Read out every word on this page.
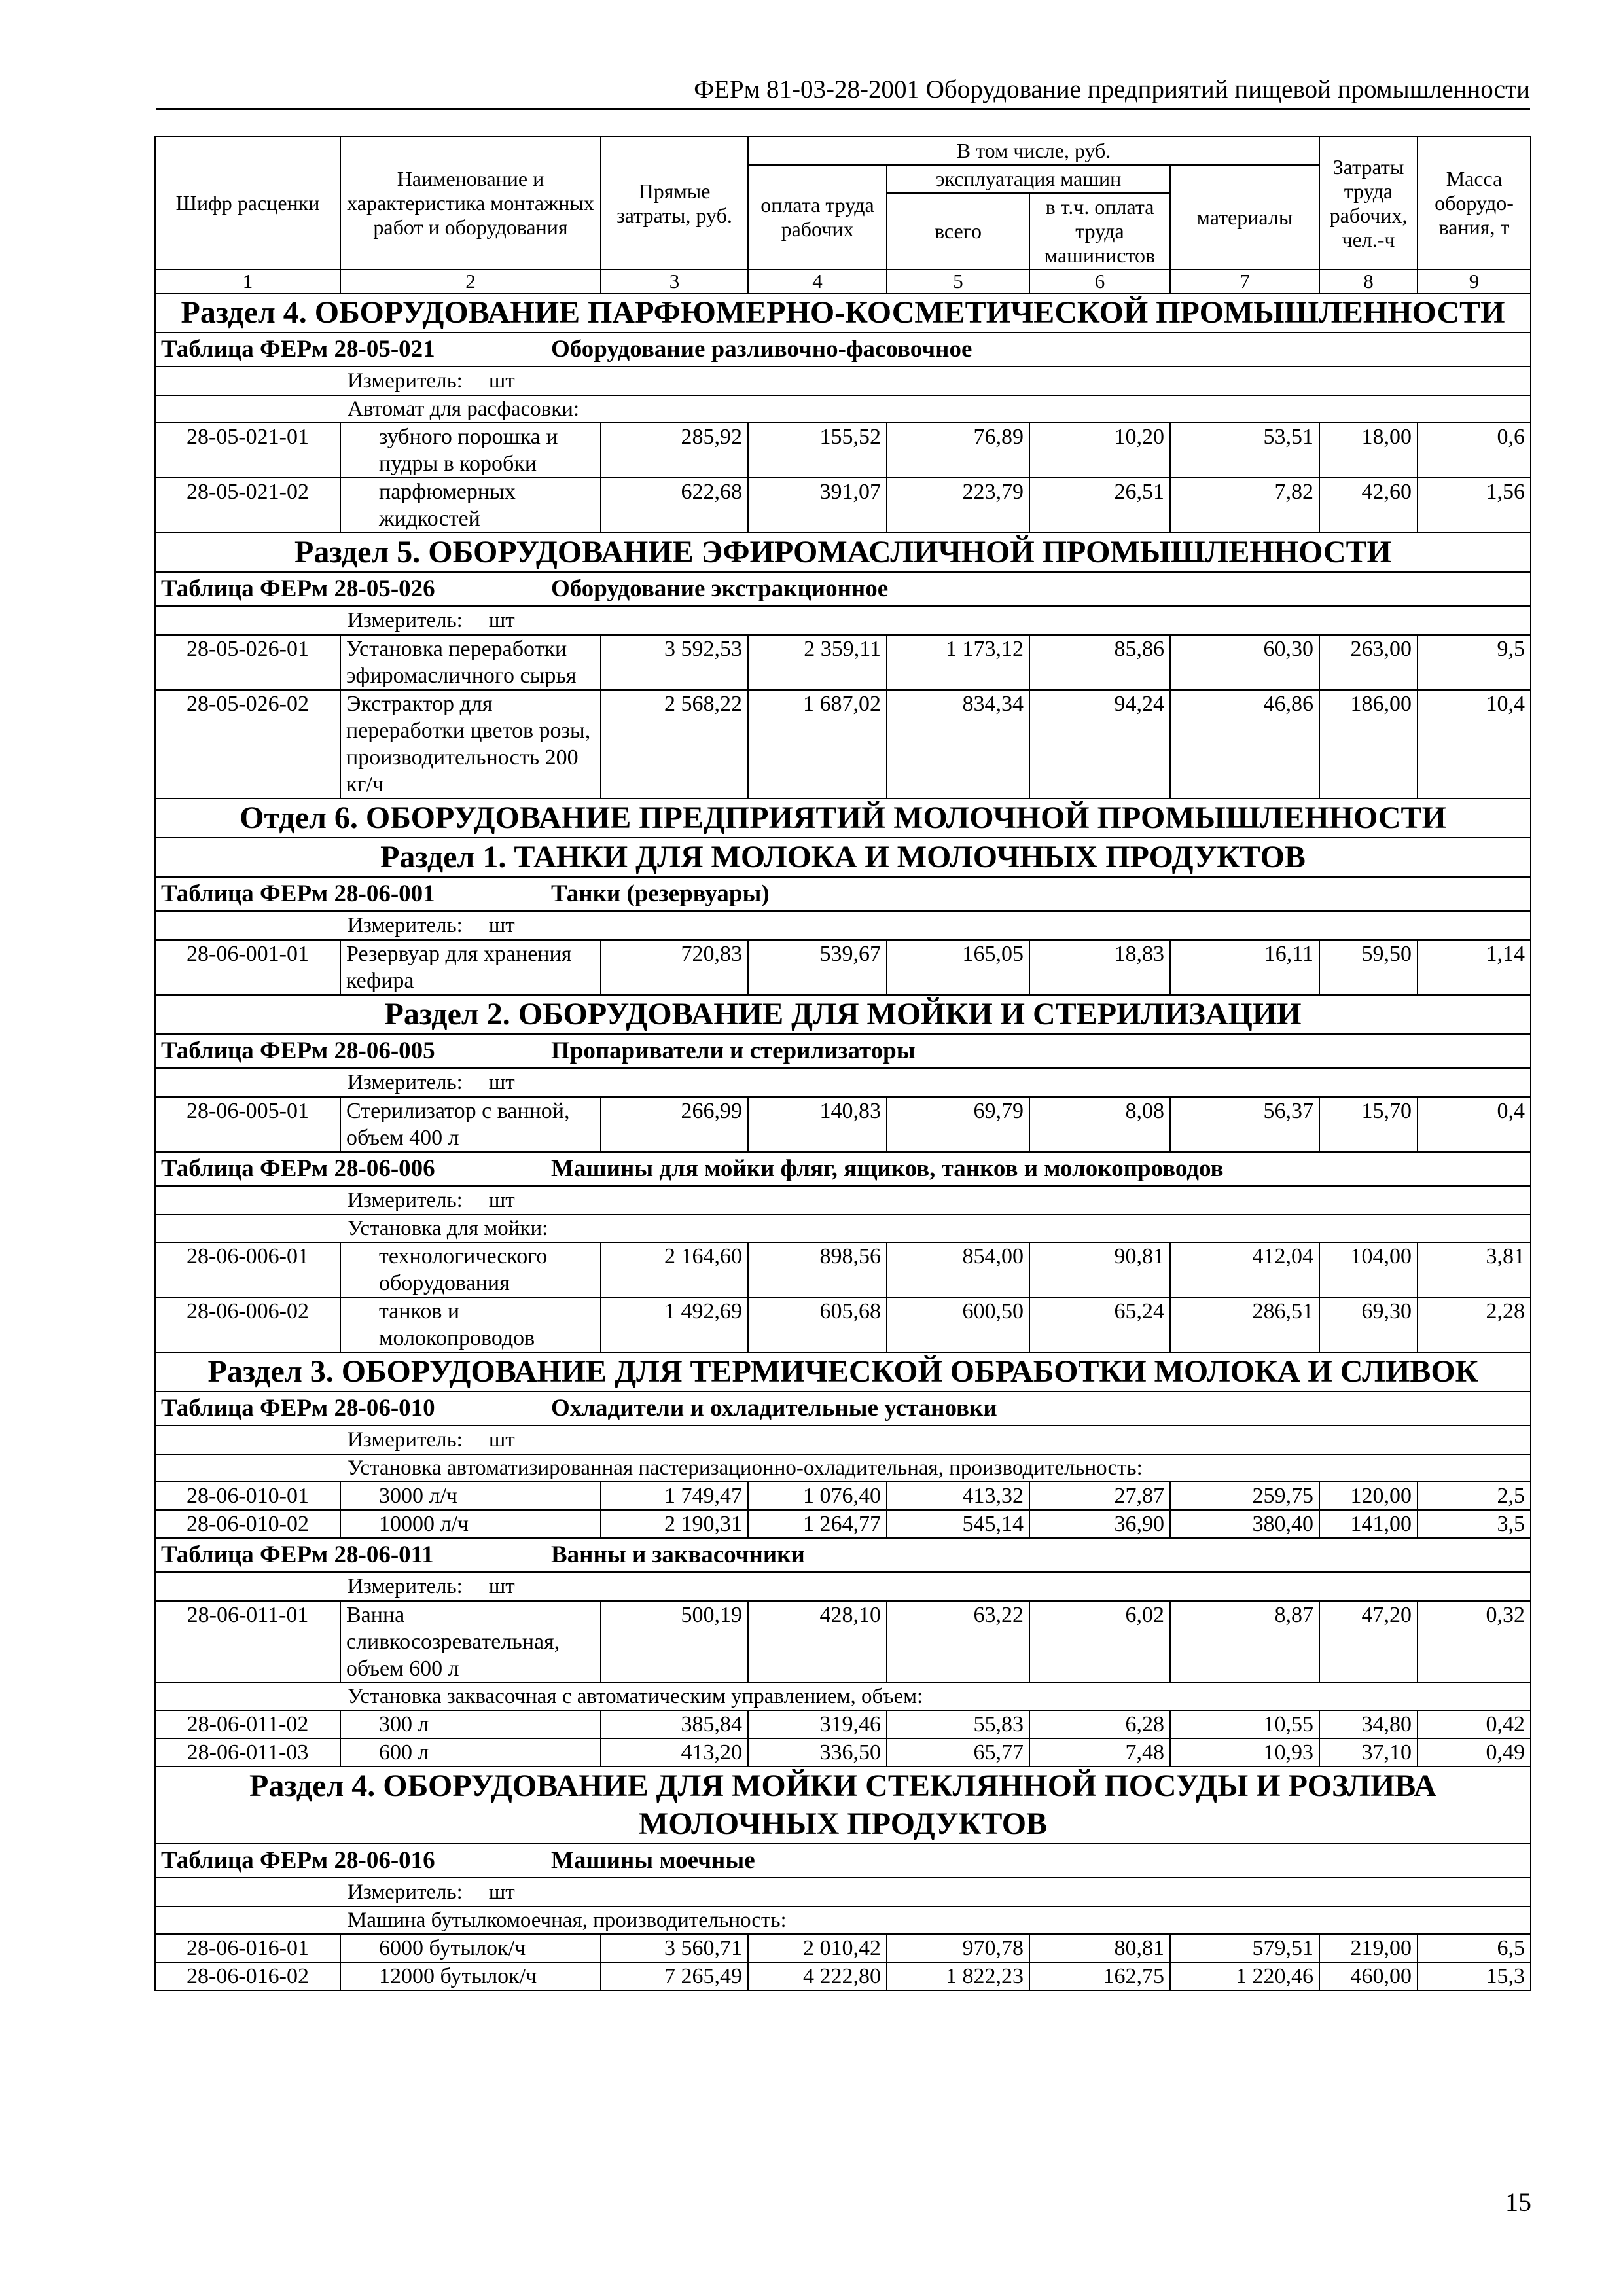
ФЕРм 81-03-28-2001 Оборудование предприятий пищевой промышленности
Шифр расценки	Наименование и характеристика монтажных работ и оборудования	Прямые затраты, руб.	В том числе, руб.				Затраты труда рабочих, чел.-ч	Масса оборудо-вания, т
			оплата труда рабочих	эксплуатация машин		материалы		
				всего	в т.ч. оплата труда машинистов			
1	2	3	4	5	6	7	8	9
Раздел 4. ОБОРУДОВАНИЕ ПАРФЮМЕРНО-КОСМЕТИЧЕСКОЙ ПРОМЫШЛЕННОСТИ								
Таблица ФЕРм 28-05-021 Оборудование разливочно-фасовочное								
Измеритель: шт								
Автомат для расфасовки:								
28-05-021-01	зубного порошка и пудры в коробки	285,92	155,52	76,89	10,20	53,51	18,00	0,6
28-05-021-02	парфюмерных жидкостей	622,68	391,07	223,79	26,51	7,82	42,60	1,56
Раздел 5. ОБОРУДОВАНИЕ ЭФИРОМАСЛИЧНОЙ ПРОМЫШЛЕННОСТИ								
Таблица ФЕРм 28-05-026 Оборудование экстракционное								
Измеритель: шт								
28-05-026-01	Установка переработки эфиромасличного сырья	3 592,53	2 359,11	1 173,12	85,86	60,30	263,00	9,5
28-05-026-02	Экстрактор для переработки цветов розы, производительность 200 кг/ч	2 568,22	1 687,02	834,34	94,24	46,86	186,00	10,4
Отдел 6. ОБОРУДОВАНИЕ ПРЕДПРИЯТИЙ МОЛОЧНОЙ ПРОМЫШЛЕННОСТИ								
Раздел 1. ТАНКИ ДЛЯ МОЛОКА И МОЛОЧНЫХ ПРОДУКТОВ								
Таблица ФЕРм 28-06-001 Танки (резервуары)								
Измеритель: шт								
28-06-001-01	Резервуар для хранения кефира	720,83	539,67	165,05	18,83	16,11	59,50	1,14
Раздел 2. ОБОРУДОВАНИЕ ДЛЯ МОЙКИ И СТЕРИЛИЗАЦИИ								
Таблица ФЕРм 28-06-005 Пропариватели и стерилизаторы								
Измеритель: шт								
28-06-005-01	Стерилизатор с ванной, объем 400 л	266,99	140,83	69,79	8,08	56,37	15,70	0,4
Таблица ФЕРм 28-06-006 Машины для мойки фляг, ящиков, танков и молокопроводов								
Измеритель: шт								
Установка для мойки:								
28-06-006-01	технологического оборудования	2 164,60	898,56	854,00	90,81	412,04	104,00	3,81
28-06-006-02	танков и молокопроводов	1 492,69	605,68	600,50	65,24	286,51	69,30	2,28
Раздел 3. ОБОРУДОВАНИЕ ДЛЯ ТЕРМИЧЕСКОЙ ОБРАБОТКИ МОЛОКА И СЛИВОК								
Таблица ФЕРм 28-06-010 Охладители и охладительные установки								
Измеритель: шт								
Установка автоматизированная пастеризационно-охладительная, производительность:								
28-06-010-01	3000 л/ч	1 749,47	1 076,40	413,32	27,87	259,75	120,00	2,5
28-06-010-02	10000 л/ч	2 190,31	1 264,77	545,14	36,90	380,40	141,00	3,5
Таблица ФЕРм 28-06-011 Ванны и заквасочники								
Измеритель: шт								
28-06-011-01	Ванна сливкосозревательная, объем 600 л	500,19	428,10	63,22	6,02	8,87	47,20	0,32
Установка заквасочная с автоматическим управлением, объем:								
28-06-011-02	300 л	385,84	319,46	55,83	6,28	10,55	34,80	0,42
28-06-011-03	600 л	413,20	336,50	65,77	7,48	10,93	37,10	0,49
Раздел 4. ОБОРУДОВАНИЕ ДЛЯ МОЙКИ СТЕКЛЯННОЙ ПОСУДЫ И РОЗЛИВА МОЛОЧНЫХ ПРОДУКТОВ								
Таблица ФЕРм 28-06-016 Машины моечные								
Измеритель: шт								
Машина бутылкомоечная, производительность:								
28-06-016-01	6000 бутылок/ч	3 560,71	2 010,42	970,78	80,81	579,51	219,00	6,5
28-06-016-02	12000 бутылок/ч	7 265,49	4 222,80	1 822,23	162,75	1 220,46	460,00	15,3
15
